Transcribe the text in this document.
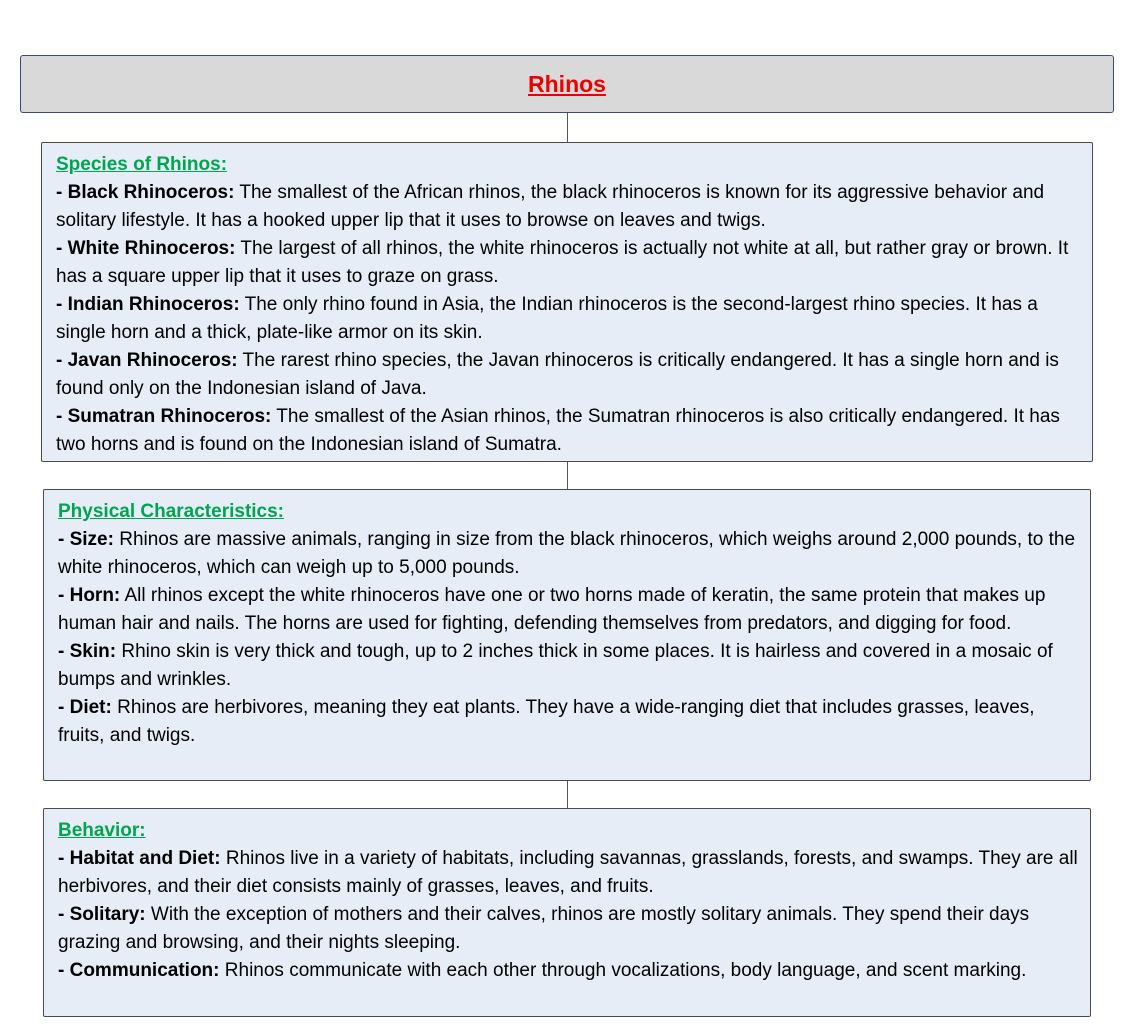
Rhinos
Species of Rhinos:

- Black Rhinoceros: The smallest of the African rhinos, the black rhinoceros is known for its aggressive behavior and solitary lifestyle. It has a hooked upper lip that it uses to browse on leaves and twigs.

- White Rhinoceros: The largest of all rhinos, the white rhinoceros is actually not white at all, but rather gray or brown. It has a square upper lip that it uses to graze on grass.

- Indian Rhinoceros: The only rhino found in Asia, the Indian rhinoceros is the second-largest rhino species. It has a single horn and a thick, plate-like armor on its skin.

- Javan Rhinoceros: The rarest rhino species, the Javan rhinoceros is critically endangered. It has a single horn and is found only on the Indonesian island of Java.

- Sumatran Rhinoceros: The smallest of the Asian rhinos, the Sumatran rhinoceros is also critically endangered. It has two horns and is found on the Indonesian island of Sumatra.

Physical Characteristics:

- Size: Rhinos are massive animals, ranging in size from the black rhinoceros, which weighs around 2,000 pounds, to the white rhinoceros, which can weigh up to 5,000 pounds.

- Horn: All rhinos except the white rhinoceros have one or two horns made of keratin, the same protein that makes up human hair and nails. The horns are used for fighting, defending themselves from predators, and digging for food.

- Skin: Rhino skin is very thick and tough, up to 2 inches thick in some places. It is hairless and covered in a mosaic of bumps and wrinkles.

- Diet: Rhinos are herbivores, meaning they eat plants. They have a wide-ranging diet that includes grasses, leaves, fruits, and twigs.

Behavior:

- Habitat and Diet: Rhinos live in a variety of habitats, including savannas, grasslands, forests, and swamps. They are all herbivores, and their diet consists mainly of grasses, leaves, and fruits.

- Solitary: With the exception of mothers and their calves, rhinos are mostly solitary animals. They spend their days grazing and browsing, and their nights sleeping.

- Communication: Rhinos communicate with each other through vocalizations, body language, and scent marking.
